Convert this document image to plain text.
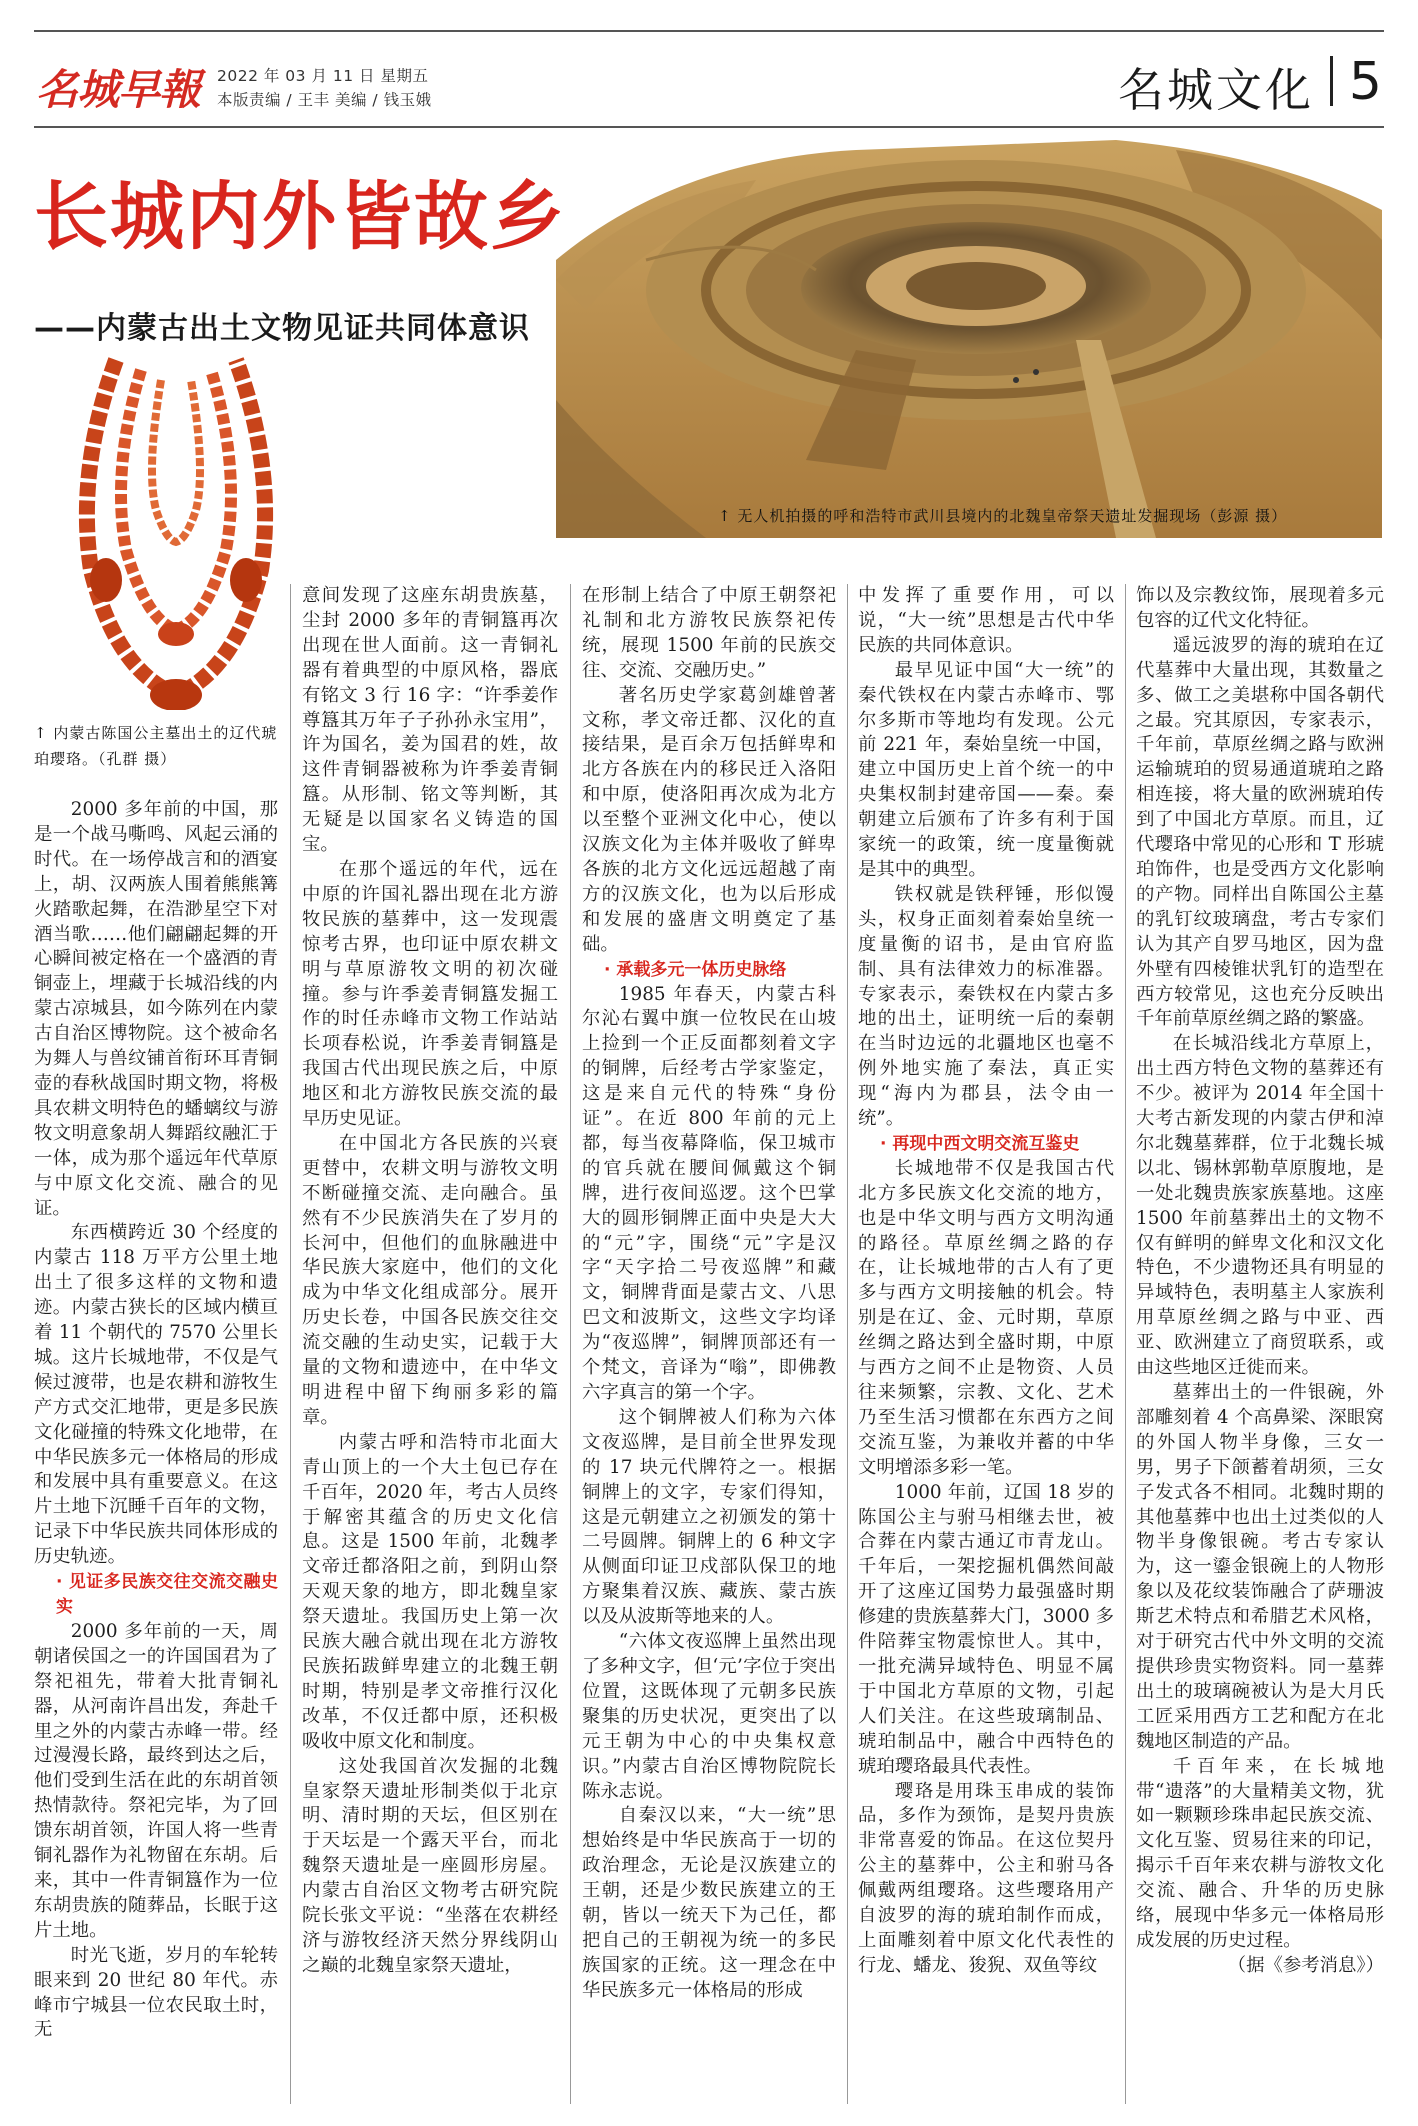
名城早報	2022 年 03 月 11 日 星期五
本版责编 / 王丰 美编 / 钱玉娥	名城文化 5
长城内外皆故乡
——内蒙古出土文物见证共同体意识
↑ 无人机拍摄的呼和浩特市武川县境内的北魏皇帝祭天遗址发掘现场（彭源 摄）
↑ 内蒙古陈国公主墓出土的辽代琥珀璎珞。（孔群 摄）

2000 多年前的中国，那是一个战马嘶鸣、风起云涌的时代。在一场停战言和的酒宴上，胡、汉两族人围着熊熊篝火踏歌起舞，在浩渺星空下对酒当歌……他们翩翩起舞的开心瞬间被定格在一个盛酒的青铜壶上，埋藏于长城沿线的内蒙古凉城县，如今陈列在内蒙古自治区博物院。这个被命名为舞人与兽纹铺首衔环耳青铜壶的春秋战国时期文物，将极具农耕文明特色的蟠螭纹与游牧文明意象胡人舞蹈纹融汇于一体，成为那个遥远年代草原与中原文化交流、融合的见证。

东西横跨近 30 个经度的内蒙古 118 万平方公里土地出土了很多这样的文物和遗迹。内蒙古狭长的区域内横亘着 11 个朝代的 7570 公里长城。这片长城地带，不仅是气候过渡带，也是农耕和游牧生产方式交汇地带，更是多民族文化碰撞的特殊文化地带，在中华民族多元一体格局的形成和发展中具有重要意义。在这片土地下沉睡千百年的文物，记录下中华民族共同体形成的历史轨迹。

· 见证多民族交往交流交融史实

2000 多年前的一天，周朝诸侯国之一的许国国君为了祭祀祖先，带着大批青铜礼器，从河南许昌出发，奔赴千里之外的内蒙古赤峰一带。经过漫漫长路，最终到达之后，他们受到生活在此的东胡首领热情款待。祭祀完毕，为了回馈东胡首领，许国人将一些青铜礼器作为礼物留在东胡。后来，其中一件青铜簋作为一位东胡贵族的随葬品，长眠于这片土地。

时光飞逝，岁月的车轮转眼来到 20 世纪 80 年代。赤峰市宁城县一位农民取土时，无

意间发现了这座东胡贵族墓，尘封 2000 多年的青铜簋再次出现在世人面前。这一青铜礼器有着典型的中原风格，器底有铭文 3 行 16 字：“许季姜作尊簋其万年子子孙孙永宝用”，许为国名，姜为国君的姓，故这件青铜器被称为许季姜青铜簋。从形制、铭文等判断，其无疑是以国家名义铸造的国宝。

在那个遥远的年代，远在中原的许国礼器出现在北方游牧民族的墓葬中，这一发现震惊考古界，也印证中原农耕文明与草原游牧文明的初次碰撞。参与许季姜青铜簋发掘工作的时任赤峰市文物工作站站长项春松说，许季姜青铜簋是我国古代出现民族之后，中原地区和北方游牧民族交流的最早历史见证。

在中国北方各民族的兴衰更替中，农耕文明与游牧文明不断碰撞交流、走向融合。虽然有不少民族消失在了岁月的长河中，但他们的血脉融进中华民族大家庭中，他们的文化成为中华文化组成部分。展开历史长卷，中国各民族交往交流交融的生动史实，记载于大量的文物和遗迹中，在中华文明进程中留下绚丽多彩的篇章。

内蒙古呼和浩特市北面大青山顶上的一个大土包已存在千百年，2020 年，考古人员终于解密其蕴含的历史文化信息。这是 1500 年前，北魏孝文帝迁都洛阳之前，到阴山祭天观天象的地方，即北魏皇家祭天遗址。我国历史上第一次民族大融合就出现在北方游牧民族拓跋鲜卑建立的北魏王朝时期，特别是孝文帝推行汉化改革，不仅迁都中原，还积极吸收中原文化和制度。

这处我国首次发掘的北魏皇家祭天遗址形制类似于北京明、清时期的天坛，但区别在于天坛是一个露天平台，而北魏祭天遗址是一座圆形房屋。内蒙古自治区文物考古研究院院长张文平说：“坐落在农耕经济与游牧经济天然分界线阴山之巅的北魏皇家祭天遗址，

在形制上结合了中原王朝祭祀礼制和北方游牧民族祭祀传统，展现 1500 年前的民族交往、交流、交融历史。”

著名历史学家葛剑雄曾著文称，孝文帝迁都、汉化的直接结果，是百余万包括鲜卑和北方各族在内的移民迁入洛阳和中原，使洛阳再次成为北方以至整个亚洲文化中心，使以汉族文化为主体并吸收了鲜卑各族的北方文化远远超越了南方的汉族文化，也为以后形成和发展的盛唐文明奠定了基础。

· 承载多元一体历史脉络

1985 年春天，内蒙古科尔沁右翼中旗一位牧民在山坡上捡到一个正反面都刻着文字的铜牌，后经考古学家鉴定，这是来自元代的特殊“身份证”。在近 800 年前的元上都，每当夜幕降临，保卫城市的官兵就在腰间佩戴这个铜牌，进行夜间巡逻。这个巴掌大的圆形铜牌正面中央是大大的“元”字，围绕“元”字是汉字“天字拾二号夜巡牌”和藏文，铜牌背面是蒙古文、八思巴文和波斯文，这些文字均译为“夜巡牌”，铜牌顶部还有一个梵文，音译为“嗡”，即佛教六字真言的第一个字。

这个铜牌被人们称为六体文夜巡牌，是目前全世界发现的 17 块元代牌符之一。根据铜牌上的文字，专家们得知，这是元朝建立之初颁发的第十二号圆牌。铜牌上的 6 种文字从侧面印证卫戍部队保卫的地方聚集着汉族、藏族、蒙古族以及从波斯等地来的人。

“六体文夜巡牌上虽然出现了多种文字，但‘元’字位于突出位置，这既体现了元朝多民族聚集的历史状况，更突出了以元王朝为中心的中央集权意识。”内蒙古自治区博物院院长陈永志说。

自秦汉以来，“大一统”思想始终是中华民族高于一切的政治理念，无论是汉族建立的王朝，还是少数民族建立的王朝，皆以一统天下为己任，都把自己的王朝视为统一的多民族国家的正统。这一理念在中华民族多元一体格局的形成

中发挥了重要作用，可以说，“大一统”思想是古代中华民族的共同体意识。

最早见证中国“大一统”的秦代铁权在内蒙古赤峰市、鄂尔多斯市等地均有发现。公元前 221 年，秦始皇统一中国，建立中国历史上首个统一的中央集权制封建帝国——秦。秦朝建立后颁布了许多有利于国家统一的政策，统一度量衡就是其中的典型。

铁权就是铁秤锤，形似馒头，权身正面刻着秦始皇统一度量衡的诏书，是由官府监制、具有法律效力的标准器。专家表示，秦铁权在内蒙古多地的出土，证明统一后的秦朝在当时边远的北疆地区也毫不例外地实施了秦法，真正实现“海内为郡县，法令由一统”。

· 再现中西文明交流互鉴史

长城地带不仅是我国古代北方多民族文化交流的地方，也是中华文明与西方文明沟通的路径。草原丝绸之路的存在，让长城地带的古人有了更多与西方文明接触的机会。特别是在辽、金、元时期，草原丝绸之路达到全盛时期，中原与西方之间不止是物资、人员往来频繁，宗教、文化、艺术乃至生活习惯都在东西方之间交流互鉴，为兼收并蓄的中华文明增添多彩一笔。

1000 年前，辽国 18 岁的陈国公主与驸马相继去世，被合葬在内蒙古通辽市青龙山。千年后，一架挖掘机偶然间敲开了这座辽国势力最强盛时期修建的贵族墓葬大门，3000 多件陪葬宝物震惊世人。其中，一批充满异域特色、明显不属于中国北方草原的文物，引起人们关注。在这些玻璃制品、琥珀制品中，融合中西特色的琥珀璎珞最具代表性。

璎珞是用珠玉串成的装饰品，多作为颈饰，是契丹贵族非常喜爱的饰品。在这位契丹公主的墓葬中，公主和驸马各佩戴两组璎珞。这些璎珞用产自波罗的海的琥珀制作而成，上面雕刻着中原文化代表性的行龙、蟠龙、狻猊、双鱼等纹

饰以及宗教纹饰，展现着多元包容的辽代文化特征。

遥远波罗的海的琥珀在辽代墓葬中大量出现，其数量之多、做工之美堪称中国各朝代之最。究其原因，专家表示，千年前，草原丝绸之路与欧洲运输琥珀的贸易通道琥珀之路相连接，将大量的欧洲琥珀传到了中国北方草原。而且，辽代璎珞中常见的心形和 T 形琥珀饰件，也是受西方文化影响的产物。同样出自陈国公主墓的乳钉纹玻璃盘，考古专家们认为其产自罗马地区，因为盘外壁有四棱锥状乳钉的造型在西方较常见，这也充分反映出千年前草原丝绸之路的繁盛。

在长城沿线北方草原上，出土西方特色文物的墓葬还有不少。被评为 2014 年全国十大考古新发现的内蒙古伊和淖尔北魏墓葬群，位于北魏长城以北、锡林郭勒草原腹地，是一处北魏贵族家族墓地。这座 1500 年前墓葬出土的文物不仅有鲜明的鲜卑文化和汉文化特色，不少遗物还具有明显的异域特色，表明墓主人家族利用草原丝绸之路与中亚、西亚、欧洲建立了商贸联系，或由这些地区迁徙而来。

墓葬出土的一件银碗，外部雕刻着 4 个高鼻梁、深眼窝的外国人物半身像，三女一男，男子下颌蓄着胡须，三女子发式各不相同。北魏时期的其他墓葬中也出土过类似的人物半身像银碗。考古专家认为，这一鎏金银碗上的人物形象以及花纹装饰融合了萨珊波斯艺术特点和希腊艺术风格，对于研究古代中外文明的交流提供珍贵实物资料。同一墓葬出土的玻璃碗被认为是大月氏工匠采用西方工艺和配方在北魏地区制造的产品。

千百年来，在长城地带“遗落”的大量精美文物，犹如一颗颗珍珠串起民族交流、文化互鉴、贸易往来的印记，揭示千百年来农耕与游牧文化交流、融合、升华的历史脉络，展现中华多元一体格局形成发展的历史过程。

（据《参考消息》）
